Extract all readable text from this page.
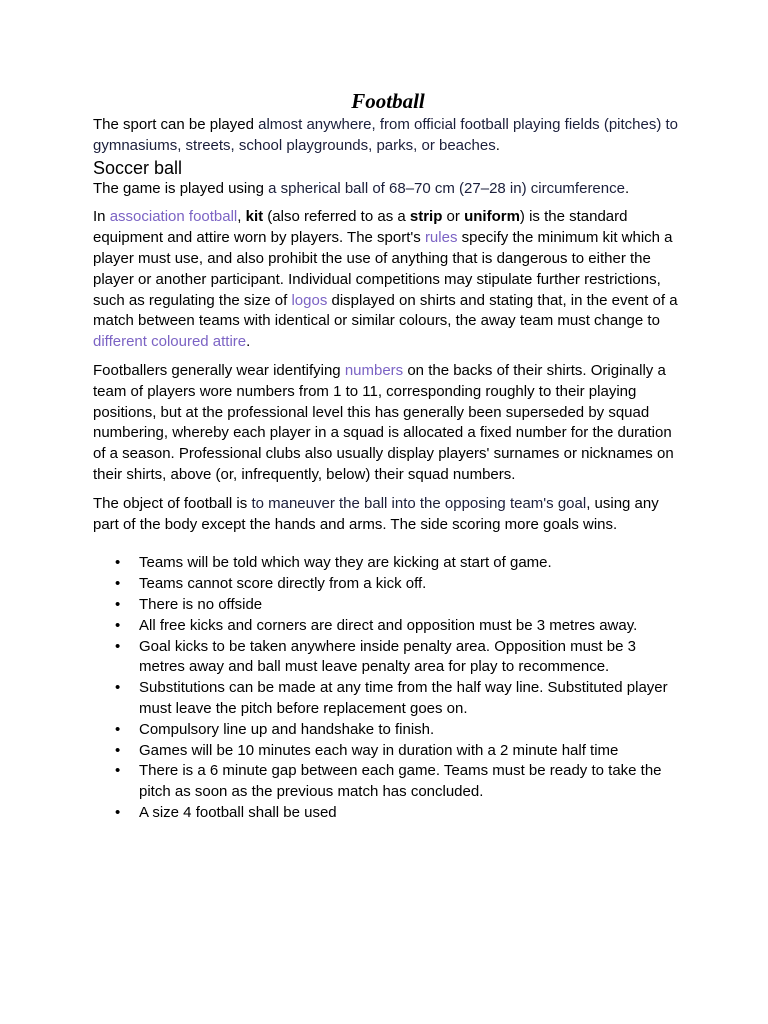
Football

The sport can be played almost anywhere, from official football playing fields (pitches) to gymnasiums, streets, school playgrounds, parks, or beaches.

Soccer ball

The game is played using a spherical ball of 68–70 cm (27–28 in) circumference.

In association football, kit (also referred to as a strip or uniform) is the standard equipment and attire worn by players. The sport's rules specify the minimum kit which a player must use, and also prohibit the use of anything that is dangerous to either the player or another participant. Individual competitions may stipulate further restrictions, such as regulating the size of logos displayed on shirts and stating that, in the event of a match between teams with identical or similar colours, the away team must change to different coloured attire.

Footballers generally wear identifying numbers on the backs of their shirts. Originally a team of players wore numbers from 1 to 11, corresponding roughly to their playing positions, but at the professional level this has generally been superseded by squad numbering, whereby each player in a squad is allocated a fixed number for the duration of a season. Professional clubs also usually display players' surnames or nicknames on their shirts, above (or, infrequently, below) their squad numbers.

The object of football is to maneuver the ball into the opposing team's goal, using any part of the body except the hands and arms. The side scoring more goals wins.

• Teams will be told which way they are kicking at start of game.
• Teams cannot score directly from a kick off.
• There is no offside
• All free kicks and corners are direct and opposition must be 3 metres away.
• Goal kicks to be taken anywhere inside penalty area. Opposition must be 3 metres away and ball must leave penalty area for play to recommence.
• Substitutions can be made at any time from the half way line. Substituted player must leave the pitch before replacement goes on.
• Compulsory line up and handshake to finish.
• Games will be 10 minutes each way in duration with a 2 minute half time
• There is a 6 minute gap between each game. Teams must be ready to take the pitch as soon as the previous match has concluded.
• A size 4 football shall be used
